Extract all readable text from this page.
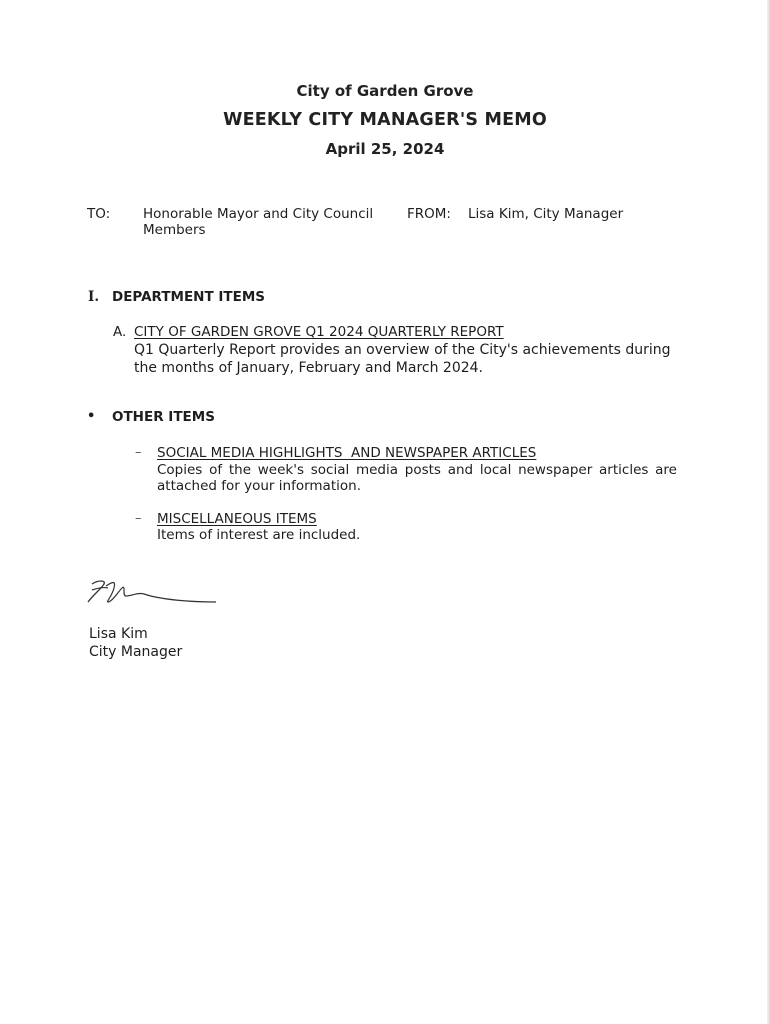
City of Garden Grove
WEEKLY CITY MANAGER'S MEMO
April 25, 2024
TO: Honorable Mayor and City Council Members
FROM: Lisa Kim, City Manager
I. DEPARTMENT ITEMS
A. CITY OF GARDEN GROVE Q1 2024 QUARTERLY REPORT
Q1 Quarterly Report provides an overview of the City's achievements during the months of January, February and March 2024.
• OTHER ITEMS
– SOCIAL MEDIA HIGHLIGHTS  AND NEWSPAPER ARTICLES
Copies of the week's social media posts and local newspaper articles are attached for your information.
– MISCELLANEOUS ITEMS
Items of interest are included.
Lisa Kim
City Manager
